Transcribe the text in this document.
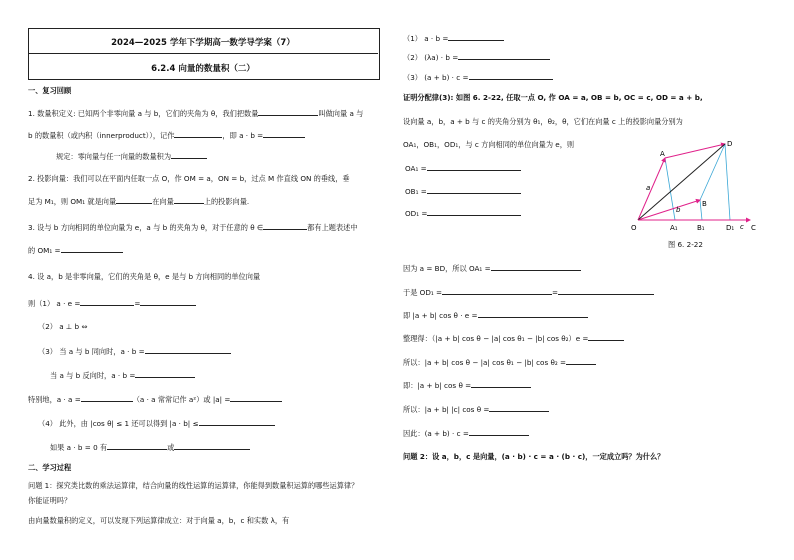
2024—2025 学年下学期高一数学导学案（7）
6.2.4 向量的数量积（二）
一、复习回顾
1. 数量积定义: 已知两个非零向量 a 与 b，它们的夹角为 θ，我们把数量	叫做向量 a 与
b 的数量积（或内积（innerproduct）），记作	，即 a · b =
规定：零向量与任一向量的数量积为
2. 投影向量：我们可以在平面内任取一点 O，作 OM = a，ON = b，过点 M 作直线 ON 的垂线，垂
足为 M₁，则 OM₁ 就是向量	在向量	上的投影向量.
3. 设与 b 方向相同的单位向量为 e，a 与 b 的夹角为 θ，对于任意的 θ ∈	都有上题表述中
的 OM₁ =
4. 设 a，b 是非零向量，它们的夹角是 θ，e 是与 b 方向相同的单位向量
则（1） a · e =	=
（2） a ⊥ b ⇔
（3） 当 a 与 b 同向时，a · b =
当 a 与 b 反向时，a · b =
特别地，a · a =	（a · a 常常记作 a²）或 |a| =
（4） 此外，由 |cos θ| ≤ 1 还可以得到 |a · b| ≤
如果 a · b = 0 有	或
二、学习过程
问题 1：探究类比数的乘法运算律，结合向量的线性运算的运算律，你能得到数量积运算的哪些运算律？
你能证明吗？
由向量数量积的定义，可以发现下列运算律成立：对于向量 a，b，c 和实数 λ，有
（1） a · b =
（2） (λa) · b =
（3） (a + b) · c =
证明分配律(3): 如图 6. 2-22, 任取一点 O, 作 OA = a, OB = b, OC = c, OD = a + b,
设向量 a，b，a + b 与 c 的夹角分别为 θ₁，θ₂，θ，它们在向量 c 上的投影向量分别为
OA₁，OB₁，OD₁，与 c 方向相同的单位向量为 e，则
OA₁ =
OB₁ =
OD₁ =
A
D
B
O	A₁	B₁	D₁ C
a
b
c
图 6. 2-22
因为 a = BD，所以 OA₁ =
于是 OD₁ =	=
即 |a + b| cos θ · e =
整理得：（|a + b| cos θ − |a| cos θ₁ − |b| cos θ₂）e =
所以：|a + b| cos θ − |a| cos θ₁ − |b| cos θ₂ =
即：|a + b| cos θ =
所以：|a + b| |c| cos θ =
因此：(a + b) · c =
问题 2：设 a，b，c 是向量，(a · b) · c = a · (b · c)，一定成立吗？为什么？
